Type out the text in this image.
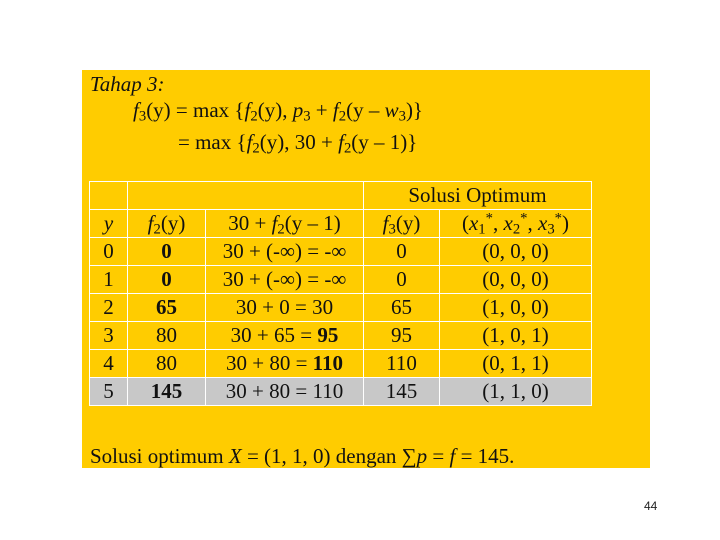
Tahap 3:
$f_3(y) = \max \{f_2(y)$, $p_3 + f_2(y - w_3)$}
= $\max \{f_2(y)$, $30 + f_2(y - 1)$}
			Solusi Optimum	
y	$f_2(y)$	$30 + f_2(y - 1)$	$f_3(y)$	($x_1^*$, $x_2^*$, $x_3^*$)
0	0	30 + (-∞) = -∞	0	(0, 0, 0)
1	0	30 + (-∞) = -∞	0	(0, 0, 0)
2	65	30 + 0 = 30	65	(1, 0, 0)
3	80	30 + 65 = 95	95	(1, 0, 1)
4	80	30 + 80 = 110	110	(0, 1, 1)
5	145	30 + 80 = 110	145	(1, 1, 0)
Solusi optimum X = (1, 1, 0) dengan ∑p = f = 145.
44
